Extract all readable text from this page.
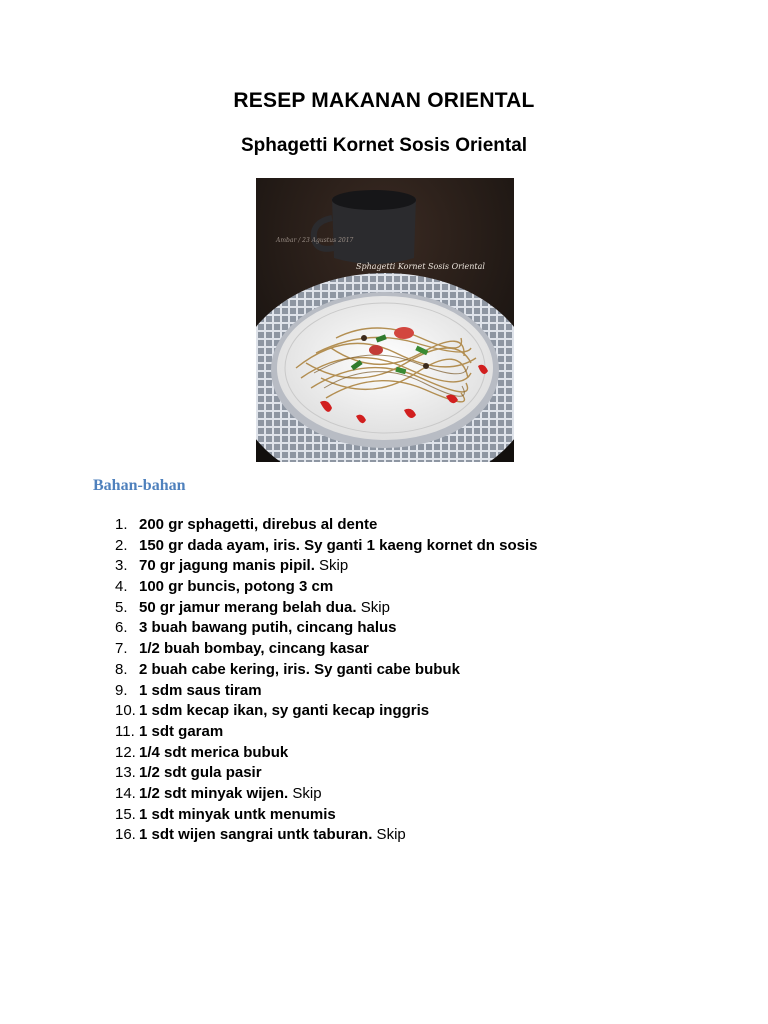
RESEP MAKANAN ORIENTAL
Sphagetti Kornet Sosis Oriental
Ambar / 23 Agustus 2017
Sphagetti Kornet Sosis Oriental
Bahan-bahan
1. 200 gr sphagetti, direbus al dente
2. 150 gr dada ayam, iris. Sy ganti 1 kaeng kornet dn sosis
3. 70 gr jagung manis pipil. Skip
4. 100 gr buncis, potong 3 cm
5. 50 gr jamur merang belah dua. Skip
6. 3 buah bawang putih, cincang halus
7. 1/2 buah bombay, cincang kasar
8. 2 buah cabe kering, iris. Sy ganti cabe bubuk
9. 1 sdm saus tiram
10. 1 sdm kecap ikan, sy ganti kecap inggris
11. 1 sdt garam
12. 1/4 sdt merica bubuk
13. 1/2 sdt gula pasir
14. 1/2 sdt minyak wijen. Skip
15. 1 sdt minyak untk menumis
16. 1 sdt wijen sangrai untk taburan. Skip
